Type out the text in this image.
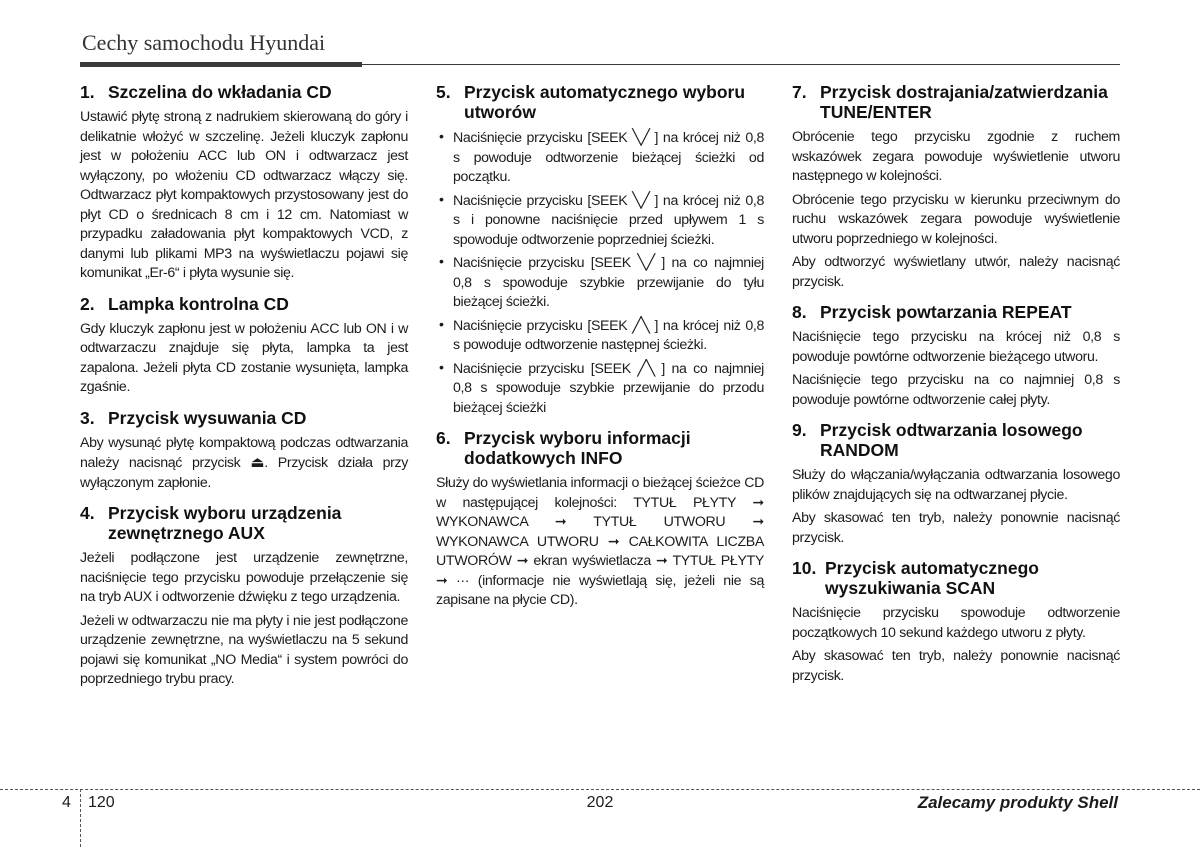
Cechy samochodu Hyundai
1. Szczelina do wkładania CD

Ustawić płytę stroną z nadrukiem skierowaną do góry i delikatnie włożyć w szczelinę. Jeżeli kluczyk zapłonu jest w położeniu ACC lub ON i odtwarzacz jest wyłączony, po włożeniu CD odtwarzacz włączy się. Odtwarzacz płyt kompaktowych przystosowany jest do płyt CD o średnicach 8 cm i 12 cm. Natomiast w przypadku załadowania płyt kompaktowych VCD, z danymi lub plikami MP3 na wyświetlaczu pojawi się komunikat „Er-6“ i płyta wysunie się.

2. Lampka kontrolna CD

Gdy kluczyk zapłonu jest w położeniu ACC lub ON i w odtwarzaczu znajduje się płyta, lampka ta jest zapalona. Jeżeli płyta CD zostanie wysunięta, lampka zgaśnie.

3. Przycisk wysuwania CD

Aby wysunąć płytę kompaktową podczas odtwarzania należy nacisnąć przycisk ⏏. Przycisk działa przy wyłączonym zapłonie.

4. Przycisk wyboru urządzenia zewnętrznego AUX

Jeżeli podłączone jest urządzenie zewnętrzne, naciśnięcie tego przycisku powoduje przełączenie się na tryb AUX i odtworzenie dźwięku z tego urządzenia.

Jeżeli w odtwarzaczu nie ma płyty i nie jest podłączone urządzenie zewnętrzne, na wyświetlaczu na 5 sekund pojawi się komunikat „NO Media“ i system powróci do poprzedniego trybu pracy.

5. Przycisk automatycznego wyboru utworów
• Naciśnięcie przycisku [SEEK ╲╱ ] na krócej niż 0,8 s powoduje odtworzenie bieżącej ścieżki od początku.
• Naciśnięcie przycisku [SEEK ╲╱ ] na krócej niż 0,8 s i ponowne naciśnięcie przed upływem 1 s spowoduje odtworzenie poprzedniej ścieżki.
• Naciśnięcie przycisku [SEEK ╲╱ ] na co najmniej 0,8 s spowoduje szybkie przewijanie do tyłu bieżącej ścieżki.
• Naciśnięcie przycisku [SEEK ╱╲ ] na krócej niż 0,8 s powoduje odtworzenie następnej ścieżki.
• Naciśnięcie przycisku [SEEK ╱╲ ] na co najmniej 0,8 s spowoduje szybkie przewijanie do przodu bieżącej ścieżki
6. Przycisk wyboru informacji dodatkowych INFO

Służy do wyświetlania informacji o bieżącej ścieżce CD w następującej kolejności: TYTUŁ PŁYTY ➞ WYKONAWCA ➞ TYTUŁ UTWORU ➞ WYKONAWCA UTWORU ➞ CAŁKOWITA LICZBA UTWORÓW ➞ ekran wyświetlacza ➞ TYTUŁ PŁYTY ➞ ··· (informacje nie wyświetlają się, jeżeli nie są zapisane na płycie CD).

7. Przycisk dostrajania/zatwierdzania TUNE/ENTER

Obrócenie tego przycisku zgodnie z ruchem wskazówek zegara powoduje wyświetlenie utworu następnego w kolejności.

Obrócenie tego przycisku w kierunku przeciwnym do ruchu wskazówek zegara powoduje wyświetlenie utworu poprzedniego w kolejności.

Aby odtworzyć wyświetlany utwór, należy nacisnąć przycisk.

8. Przycisk powtarzania REPEAT

Naciśnięcie tego przycisku na krócej niż 0,8 s powoduje powtórne odtworzenie bieżącego utworu.

Naciśnięcie tego przycisku na co najmniej 0,8 s powoduje powtórne odtworzenie całej płyty.

9. Przycisk odtwarzania losowego RANDOM

Służy do włączania/wyłączania odtwarzania losowego plików znajdujących się na odtwarzanej płycie.

Aby skasować ten tryb, należy ponownie nacisnąć przycisk.

10. Przycisk automatycznego wyszukiwania SCAN

Naciśnięcie przycisku spowoduje odtworzenie początkowych 10 sekund każdego utworu z płyty.

Aby skasować ten tryb, należy ponownie nacisnąć przycisk.

4 120	202	Zalecamy produkty Shell
